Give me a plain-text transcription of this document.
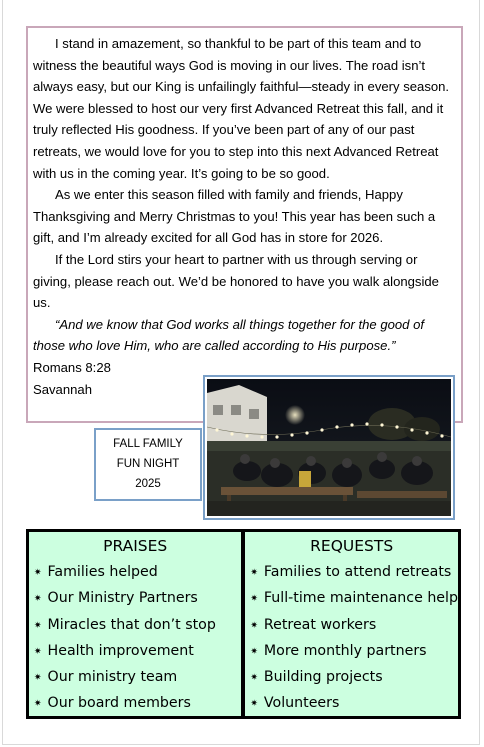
I stand in amazement, so thankful to be part of this team and to witness the beautiful ways God is moving in our lives. The road isn’t always easy, but our King is unfailingly faithful—steady in every season. We were blessed to host our very first Advanced Retreat this fall, and it truly reflected His goodness. If you’ve been part of any of our past retreats, we would love for you to step into this next Advanced Retreat with us in the coming year. It’s going to be so good.

As we enter this season filled with family and friends, Happy Thanksgiving and Merry Christmas to you! This year has been such a gift, and I’m already excited for all God has in store for 2026.

If the Lord stirs your heart to partner with us through serving or giving, please reach out. We’d be honored to have you walk alongside us.

“And we know that God works all things together for the good of those who love Him, who are called according to His purpose.”

Romans 8:28

Savannah

FALL FAMILY
FUN NIGHT
2025
PRAISES
✷ Families helped
✷ Our Ministry Partners
✷ Miracles that don’t stop
✷ Health improvement
✷ Our ministry team
✷ Our board members
REQUESTS
✷ Families to attend retreats
✷ Full-time maintenance help
✷ Retreat workers
✷ More monthly partners
✷ Building projects
✷ Volunteers
